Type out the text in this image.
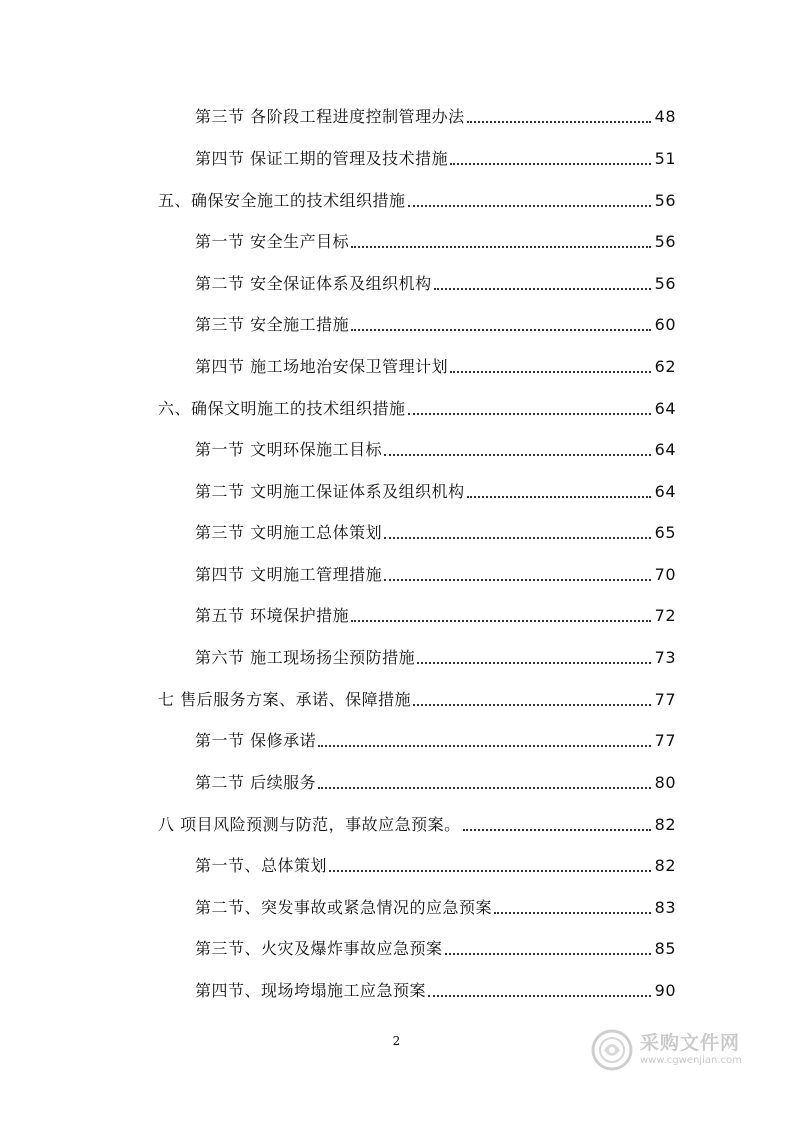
第三节 各阶段工程进度控制管理办法	48
第四节 保证工期的管理及技术措施	51
五、确保安全施工的技术组织措施	56
第一节 安全生产目标	56
第二节 安全保证体系及组织机构	56
第三节 安全施工措施	60
第四节 施工场地治安保卫管理计划	62
六、确保文明施工的技术组织措施	64
第一节 文明环保施工目标	64
第二节 文明施工保证体系及组织机构	64
第三节 文明施工总体策划	65
第四节 文明施工管理措施	70
第五节 环境保护措施	72
第六节 施工现场扬尘预防措施	73
七 售后服务方案、承诺、保障措施	77
第一节 保修承诺	77
第二节 后续服务	80
八 项目风险预测与防范，事故应急预案。	82
第一节、总体策划	82
第二节、突发事故或紧急情况的应急预案	83
第三节、火灾及爆炸事故应急预案	85
第四节、现场垮塌施工应急预案	90
2	采购文件网
www.cgwenjian.com
